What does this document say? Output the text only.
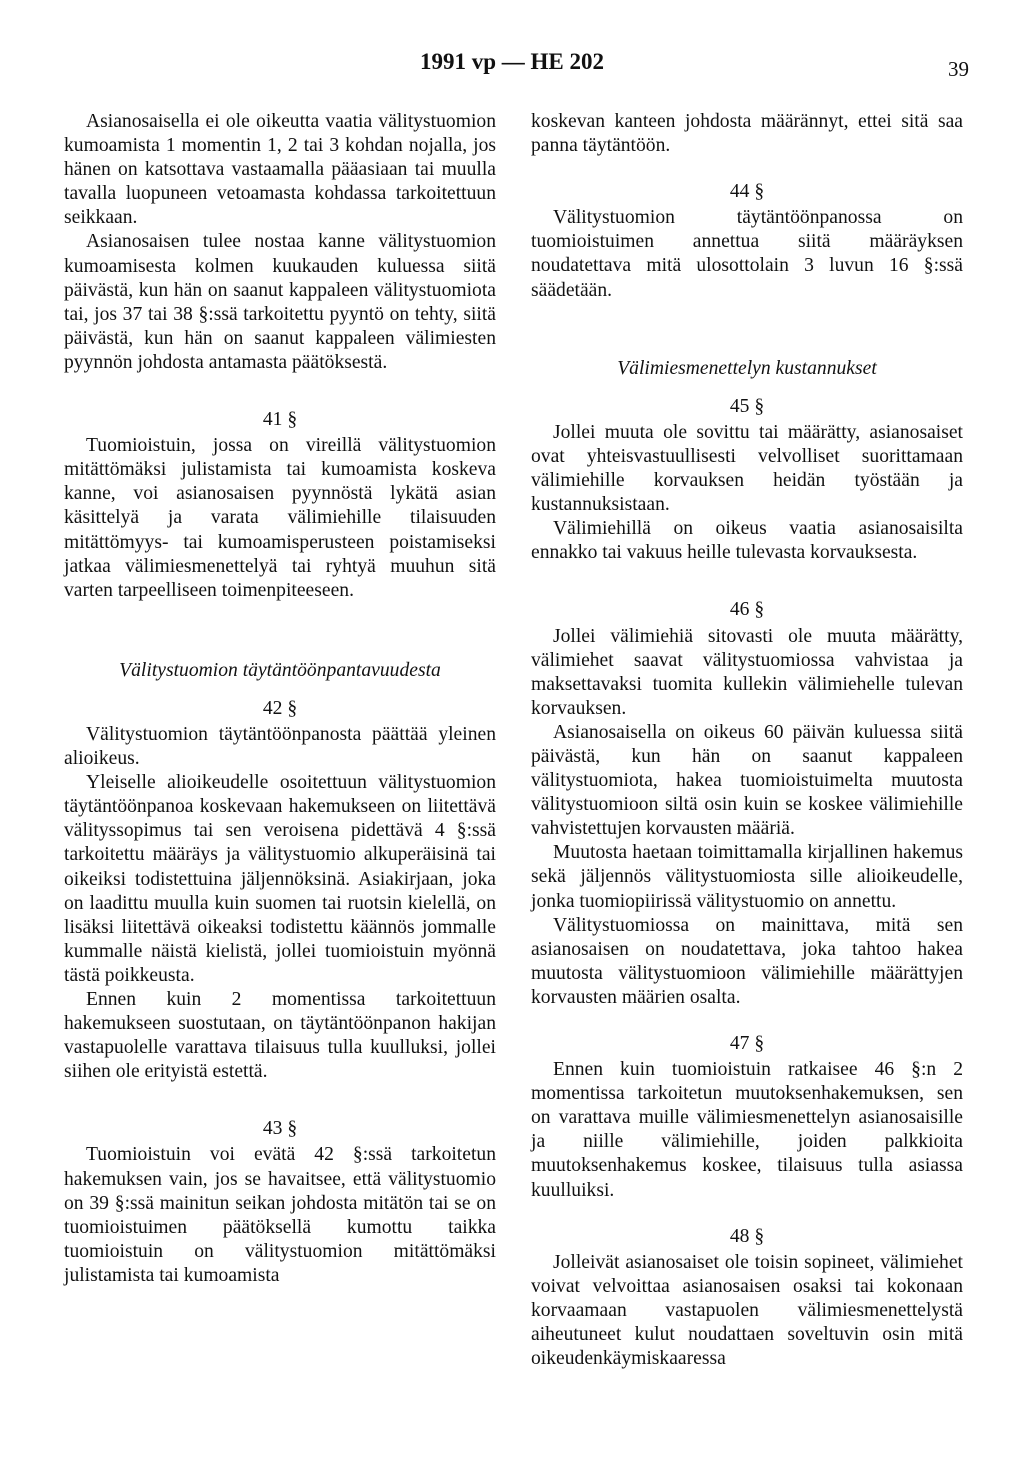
1991 vp — HE 202	39

Asianosaisella ei ole oikeutta vaatia välitystuomion kumoamista 1 momentin 1, 2 tai 3 kohdan nojalla, jos hänen on katsottava vastaamalla pääasiaan tai muulla tavalla luopuneen vetoamasta kohdassa tarkoitettuun seikkaan.

Asianosaisen tulee nostaa kanne välitystuomion kumoamisesta kolmen kuukauden kuluessa siitä päivästä, kun hän on saanut kappaleen välitystuomiota tai, jos 37 tai 38 §:ssä tarkoitettu pyyntö on tehty, siitä päivästä, kun hän on saanut kappaleen välimiesten pyynnön johdosta antamasta päätöksestä.

41 §

Tuomioistuin, jossa on vireillä välitystuomion mitättömäksi julistamista tai kumoamista koskeva kanne, voi asianosaisen pyynnöstä lykätä asian käsittelyä ja varata välimiehille tilaisuuden mitättömyys- tai kumoamisperusteen poistamiseksi jatkaa välimiesmenettelyä tai ryhtyä muuhun sitä varten tarpeelliseen toimenpiteeseen.

Välitystuomion täytäntöönpantavuudesta
42 §

Välitystuomion täytäntöönpanosta päättää yleinen alioikeus.

Yleiselle alioikeudelle osoitettuun välitystuomion täytäntöönpanoa koskevaan hakemukseen on liitettävä välityssopimus tai sen veroisena pidettävä 4 §:ssä tarkoitettu määräys ja välitystuomio alkuperäisinä tai oikeiksi todistettuina jäljennöksinä. Asiakirjaan, joka on laadittu muulla kuin suomen tai ruotsin kielellä, on lisäksi liitettävä oikeaksi todistettu käännös jommalle kummalle näistä kielistä, jollei tuomioistuin myönnä tästä poikkeusta.

Ennen kuin 2 momentissa tarkoitettuun hakemukseen suostutaan, on täytäntöönpanon hakijan vastapuolelle varattava tilaisuus tulla kuulluksi, jollei siihen ole erityistä estettä.

43 §

Tuomioistuin voi evätä 42 §:ssä tarkoitetun hakemuksen vain, jos se havaitsee, että välitystuomio on 39 §:ssä mainitun seikan johdosta mitätön tai se on tuomioistuimen päätöksellä kumottu taikka tuomioistuin on välitystuomion mitättömäksi julistamista tai kumoamista

koskevan kanteen johdosta määrännyt, ettei sitä saa panna täytäntöön.

44 §

Välitystuomion täytäntöönpanossa on tuomioistuimen annettua siitä määräyksen noudatettava mitä ulosottolain 3 luvun 16 §:ssä säädetään.

Välimiesmenettelyn kustannukset
45 §

Jollei muuta ole sovittu tai määrätty, asianosaiset ovat yhteisvastuullisesti velvolliset suorittamaan välimiehille korvauksen heidän työstään ja kustannuksistaan.

Välimiehillä on oikeus vaatia asianosaisilta ennakko tai vakuus heille tulevasta korvauksesta.

46 §

Jollei välimiehiä sitovasti ole muuta määrätty, välimiehet saavat välitystuomiossa vahvistaa ja maksettavaksi tuomita kullekin välimiehelle tulevan korvauksen.

Asianosaisella on oikeus 60 päivän kuluessa siitä päivästä, kun hän on saanut kappaleen välitystuomiota, hakea tuomioistuimelta muutosta välitystuomioon siltä osin kuin se koskee välimiehille vahvistettujen korvausten määriä.

Muutosta haetaan toimittamalla kirjallinen hakemus sekä jäljennös välitystuomiosta sille alioikeudelle, jonka tuomiopiirissä välitystuomio on annettu.

Välitystuomiossa on mainittava, mitä sen asianosaisen on noudatettava, joka tahtoo hakea muutosta välitystuomioon välimiehille määrättyjen korvausten määrien osalta.

47 §

Ennen kuin tuomioistuin ratkaisee 46 §:n 2 momentissa tarkoitetun muutoksenhakemuksen, sen on varattava muille välimiesmenettelyn asianosaisille ja niille välimiehille, joiden palkkioita muutoksenhakemus koskee, tilaisuus tulla asiassa kuulluiksi.

48 §

Jolleivät asianosaiset ole toisin sopineet, välimiehet voivat velvoittaa asianosaisen osaksi tai kokonaan korvaamaan vastapuolen välimiesmenettelystä aiheutuneet kulut noudattaen soveltuvin osin mitä oikeudenkäymiskaaressa
